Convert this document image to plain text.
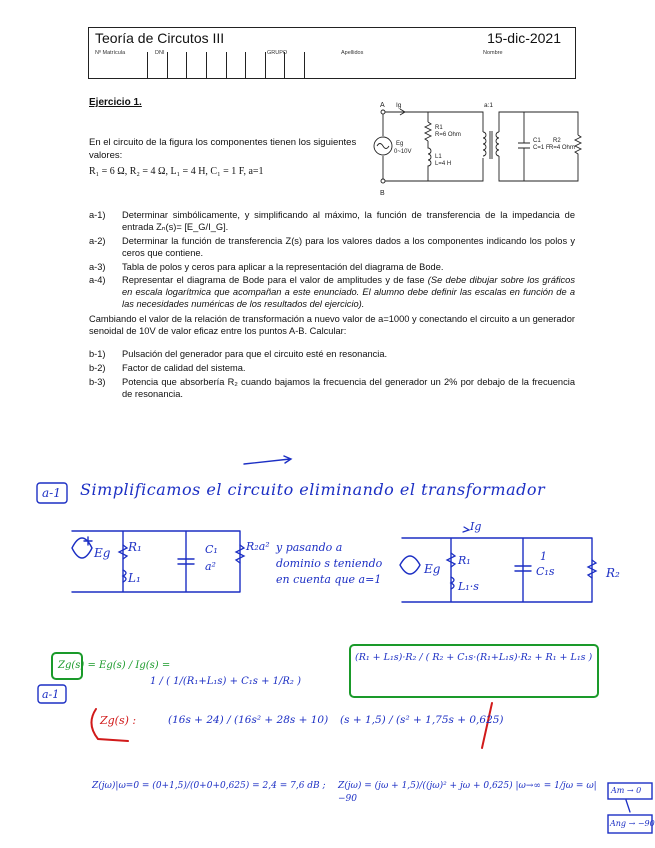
Teoría de Circutos III	15-dic-2021
Nº Matrícula	DNI	GRUPO	Apellidos	Nombre
Ejercicio 1.
En el circuito de la figura los componentes tienen los siguientes valores:
R₁ = 6 Ω, R₂ = 4 Ω, L₁ = 4 H, C₁ = 1 F, a=1
A Ig
B
Eg
0~10V
R1
R=6 Ohm
L1
L=4 H
a:1
C1
C=1 F
R2
R=4 Ohm
a-1) Determinar simbólicamente, y simplificando al máximo, la función de transferencia de la impedancia de entrada Zₙ(s)= [E_G/I_G].
a-2) Determinar la función de transferencia Z(s) para los valores dados a los componentes indicando los polos y ceros que contiene.
a-3) Tabla de polos y ceros para aplicar a la representación del diagrama de Bode.
a-4) Representar el diagrama de Bode para el valor de amplitudes y de fase (Se debe dibujar sobre los gráficos en escala logarítmica que acompañan a este enunciado. El alumno debe definir las escalas en función de a las necesidades numéricas de los resultados del ejercicio).
Cambiando el valor de la relación de transformación a nuevo valor de a=1000 y conectando el circuito a un generador senoidal de 10V de valor eficaz entre los puntos A-B. Calcular:
b-1) Pulsación del generador para que el circuito esté en resonancia.
b-2) Factor de calidad del sistema.
b-3) Potencia que absorbería R₂ cuando bajamos la frecuencia del generador un 2% por debajo de la frecuencia de resonancia.
a-1 Simplificamos el circuito eliminando el transformador
Eg R₁
L₁
C₁
a²
R₂a² y pasando a dominio s teniendo en cuenta que a=1
Ig
Eg
R₁
L₁·s
1
C₁s	R₂
Zg(s) = Eg(s) / Ig(s) =
1 / ( 1/(R₁+L₁s) + C₁s + 1/R₂ )
(R₁ + L₁s)·R₂ / ( R₂ + C₁s·(R₁+L₁s)·R₂ + R₁ + L₁s )
a-1
Zg(s) :	(16s + 24) / (16s² + 28s + 10) (s + 1,5) / (s² + 1,75s + 0,625)
Z(jω)|ω=0 = (0+1,5)/(0+0+0,625) = 2,4 = 7,6 dB ;	Z(jω) = (jω + 1,5)/((jω)² + jω + 0,625) |ω→∞ = 1/jω = ω|−90
Am → 0
Ang → −90
